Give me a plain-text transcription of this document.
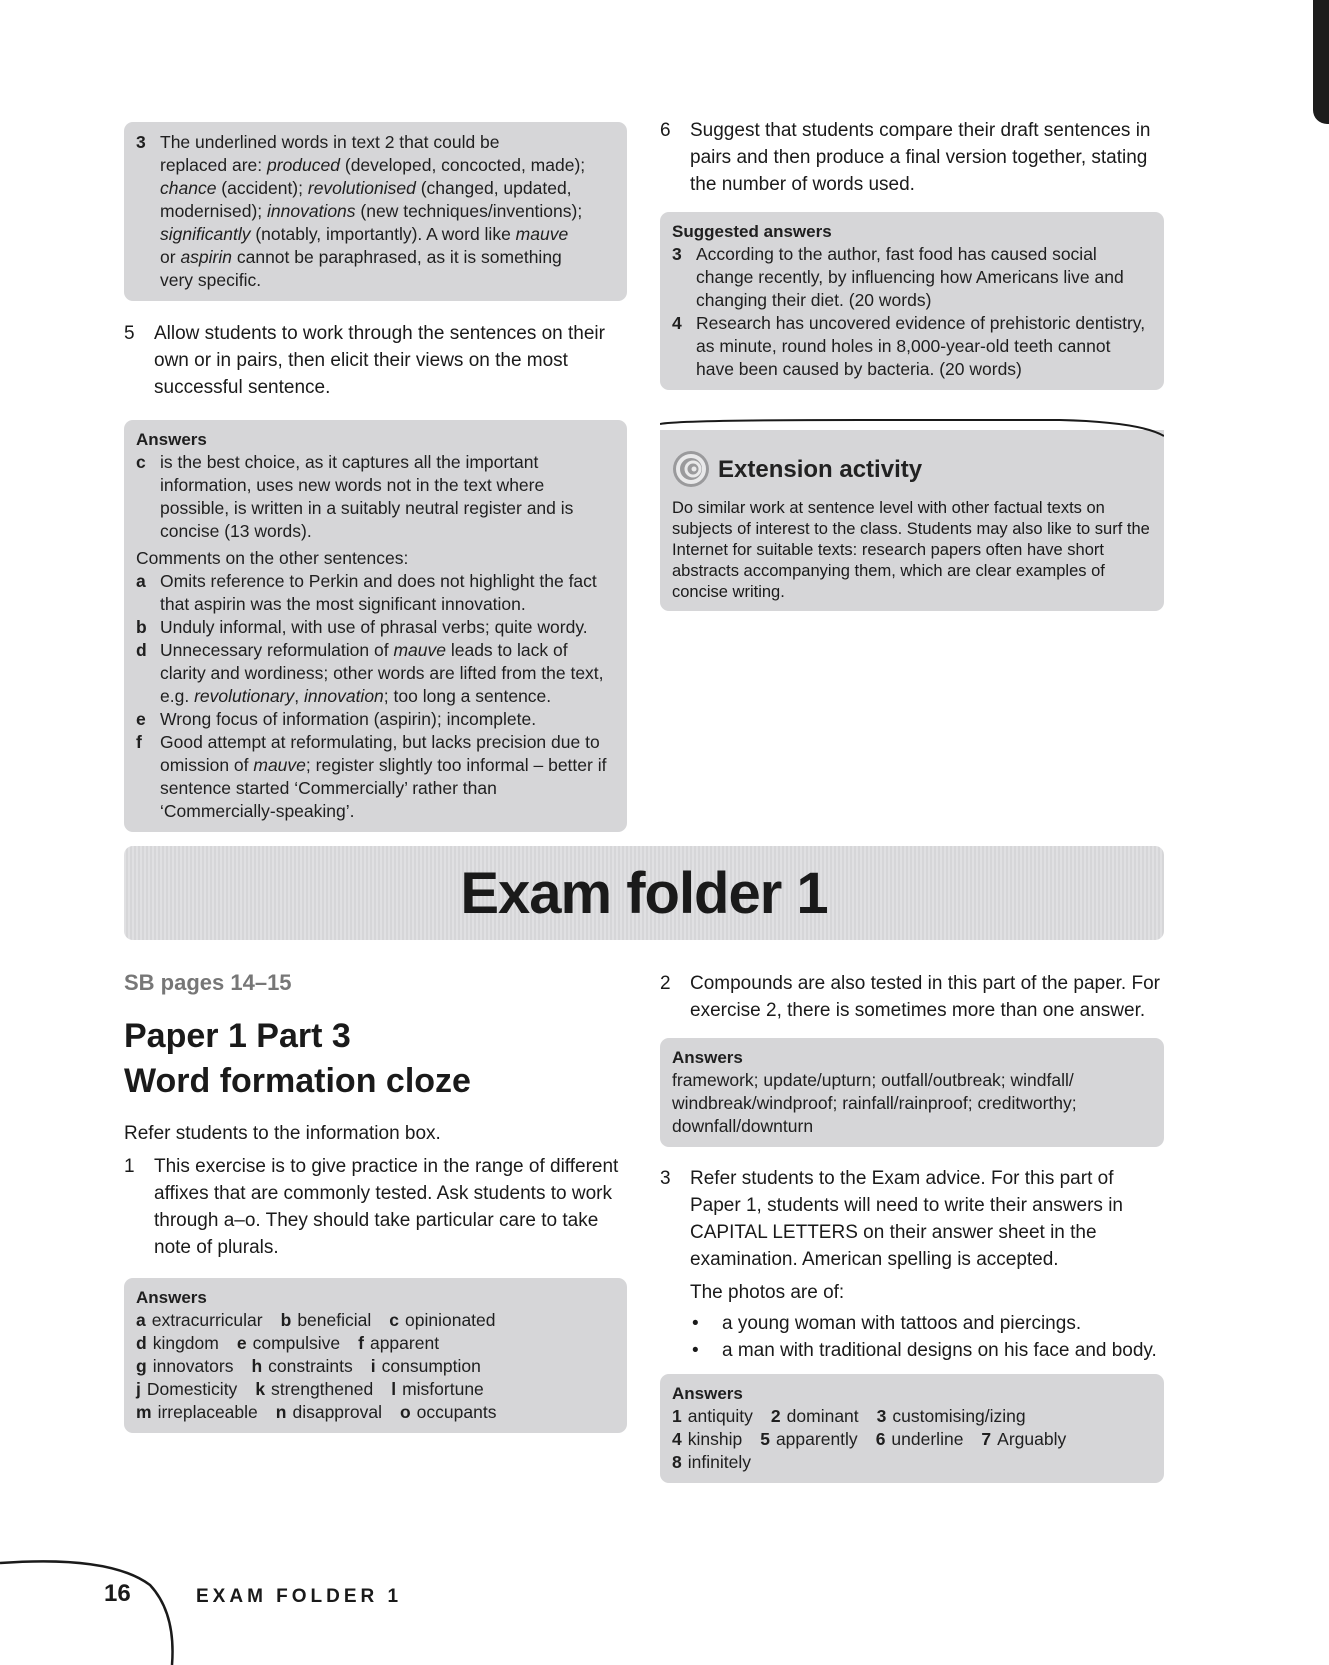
3 The underlined words in text 2 that could be
replaced are: produced (developed, concocted, made);
chance (accident); revolutionised (changed, updated,
modernised); innovations (new techniques/inventions);
significantly (notably, importantly). A word like mauve
or aspirin cannot be paraphrased, as it is something
very specific.
5	Allow students to work through the sentences on their own or in pairs, then elicit their views on the most successful sentence.
Answers
c is the best choice, as it captures all the important information, uses new words not in the text where possible, is written in a suitably neutral register and is concise (13 words).
Comments on the other sentences:
a Omits reference to Perkin and does not highlight the fact that aspirin was the most significant innovation.
b Unduly informal, with use of phrasal verbs; quite wordy.
d Unnecessary reformulation of mauve leads to lack of clarity and wordiness; other words are lifted from the text, e.g. revolutionary, innovation; too long a sentence.
e Wrong focus of information (aspirin); incomplete.
f	Good attempt at reformulating, but lacks precision due to omission of mauve; register slightly too informal – better if sentence started ‘Commercially’ rather than ‘Commercially-speaking’.
6	Suggest that students compare their draft sentences in pairs and then produce a final version together, stating the number of words used.
Suggested answers
3 According to the author, fast food has caused social change recently, by influencing how Americans live and changing their diet. (20 words)
4 Research has uncovered evidence of prehistoric dentistry, as minute, round holes in 8,000-year-old teeth cannot have been caused by bacteria. (20 words)
Extension activity
Do similar work at sentence level with other factual texts on subjects of interest to the class. Students may also like to surf the Internet for suitable texts: research papers often have short abstracts accompanying them, which are clear examples of concise writing.
Exam folder 1
SB pages 14–15
Paper 1 Part 3
Word formation cloze
Refer students to the information box.
1	This exercise is to give practice in the range of different affixes that are commonly tested. Ask students to work through a–o. They should take particular care to take note of plurals.
Answers
a extracurricular b beneficial c opinionated
d kingdom e compulsive f apparent
g innovators h constraints i consumption
j Domesticity k strengthened l misfortune
m irreplaceable n disapproval o occupants
2	Compounds are also tested in this part of the paper. For exercise 2, there is sometimes more than one answer.
Answers
framework; update/upturn; outfall/outbreak; windfall/ windbreak/windproof; rainfall/rainproof; creditworthy; downfall/downturn
3	Refer students to the Exam advice. For this part of Paper 1, students will need to write their answers in CAPITAL LETTERS on their answer sheet in the examination. American spelling is accepted.
The photos are of:
•	a young woman with tattoos and piercings.
•	a man with traditional designs on his face and body.
Answers
1 antiquity 2 dominant 3 customising/izing
4 kinship 5 apparently 6 underline 7 Arguably
8 infinitely
16	EXAM FOLDER 1
